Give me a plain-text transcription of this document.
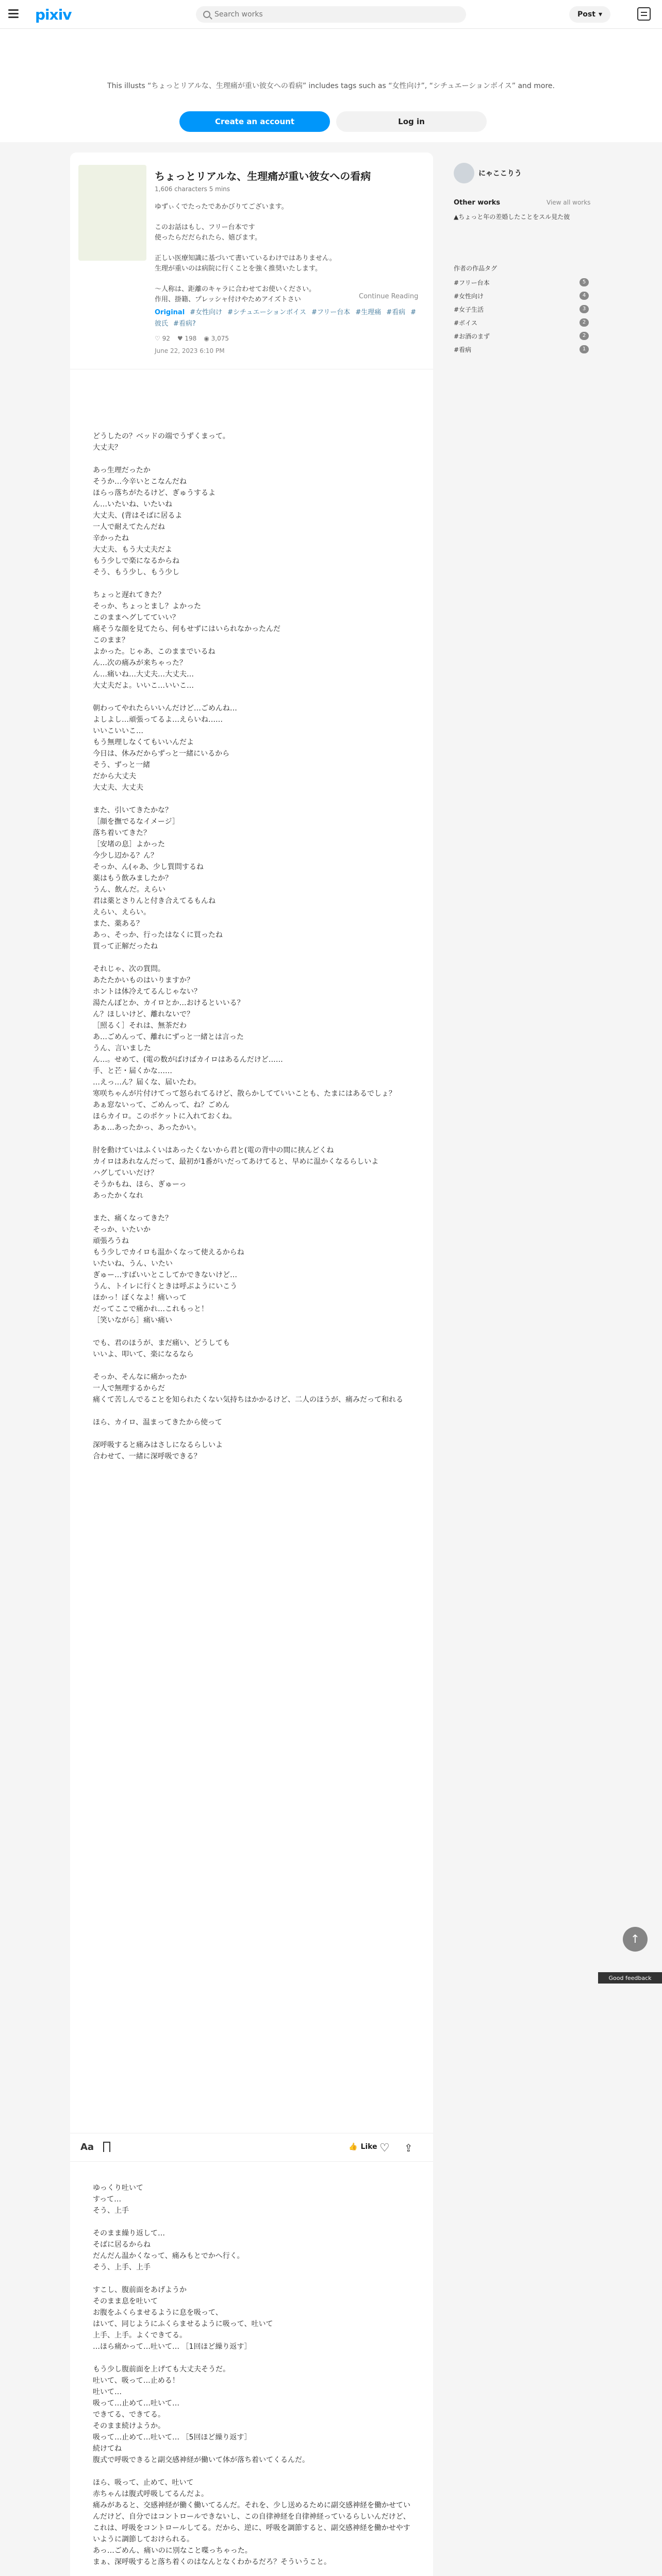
pixiv
Search works	Post ▾

This illusts “ちょっとリアルな、生理痛が重い彼女への看病” includes tags such as “女性向け”, “シチュエーションボイス” and more.

Create an account	Log in
ちょっとリアルな、生理痛が重い彼女への看病
1,606 characters 5 mins
ゆずぃくでたったであかびりてございます。
このお話はもし、フリー台本です
使ったらだだられたら、嬉びます。
正しい医療知識に基づいて書いているわけではありません。
生理が重いのは病院に行くことを強く推奨いたします。
〜人称は、距離のキャラに合わせてお使いください。
作用、掛籍、プレッシャ付けやためアイズトさい	Continue Reading
Original #女性向け #シチュエーションボイス #フリー台本 #生理痛 #看病 #彼氏 #看病?
♡ 92 ♥ 198 ◉ 3,075
June 22, 2023 6:10 PM
どうしたの？ベッドの端でうずくまって。
大丈夫？
あっ生理だったか
そうか…今辛いとこなんだね
ほらっ落ちがたるけど、ぎゅうするよ
ん…いたいね、いたいね
大丈夫、(背はそばに居るよ
一人で耐えてたんだね
辛かったね
大丈夫、もう大丈夫だよ
もう少しで楽になるからね
そう、もう少し、もう少し
ちょっと遅れてきた？
そっか、ちょっとまし？よかった
このままへグしてていい？
痛そうな顔を見てたら、何もせずにはいられなかったんだ
このまま？
よかった。じゃあ、このままでいるね
ん…次の痛みが来ちゃった？
ん…痛いね…大丈夫…大丈夫…
大丈夫だよ。いいこ…いいこ…
朝わってやれたらいいんだけど…ごめんね…
よしよし…頑張ってるよ…えらいね……
いいこいいこ…
もう無理しなくてもいいんだよ
今日は、休みだからずっと一緒にいるから
そう、ずっと一緒
だから大丈夫
大丈夫、大丈夫
また、引いてきたかな？
［顔を撫でるなイメージ］
落ち着いてきた？
［安堵の息］よかった
今少し辺かる？ん？
そっか、ん(ゃあ、少し質問するね
薬はもう飲みましたか？
うん、飲んだ。えらい
君は薬とさりんと付き合えてるもんね
えらい、えらい。
また、薬ある？
あっ、そっか、行ったはなくに買ったね
買って正解だったね
それじゃ、次の質問。
あたたかいものはいりますか？
ホントは体冷えてるんじゃない？
湯たんぽとか、カイロとか…おけるといいる？
ん？ほしいけど、離れないで？
［照るく］それは、無茶だわ
あ…ごめんって、離れにずっと一緒とは言った
うん、言いました
ん…。せめて、(電の数がばけばカイロはあるんだけど……
手、と芒・届くかな……
…えっ…ん？届くな、届いたわ。
寒咲ちゃんが片付けてって怒られてるけど、散らかしてていいことも、たまにはあるでしょ？
あぁ窓ないって、ごめんって、ね？ごめん
ほらカイロ。このポケットに入れておくね。
あぁ…あったかっ、あったかい。
肘を動けていはふくいはあったくないから君と(電の背中の間に挟んどくね
カイロはあれなんだって、最初が1番がいだってあけてると、早めに温かくなるらしいよ
ハグしていいだけ？
そうかもね、ほら、ぎゅーっ
あったかくなれ
また、痛くなってきた？
そっか、いたいか
頑張ろうね
もう少しでカイロも温かくなって使えるからね
いたいね、うん、いたい
ぎゅー…すばいいとこしてかできないけど…
うん、トイレに行くときは呼ぶようにいこう
ほかっ！ぼくなよ！痛いって
だってここで痛かれ…これもっと！
［笑いながら］痛い痛い
でも、君のほうが、まだ痛い、どうしても
いいよ、叩いて、楽になるなら
そっか、そんなに痛かったか
一人で無理するからだ
痛くて苦しんでることを知られたくない気持ちはかかるけど、二人のほうが、痛みだって和れる
ほら、カイロ、温まってきたから使って
深呼吸すると痛みはさしになるらしいよ
合わせて、一緒に深呼吸できる？
Aa	👍 Like ♡ ⇪
ゆっくり吐いて
すって…
そう、上手
そのまま繰り返して…
そばに居るからね
だんだん温かくなって、痛みもとでかへ行く。
そう、上手、上手
すこし、腹前面をあげようか
そのまま息を吐いて
お腹をふくらませるように息を吸って、
はいて、同じようにふくらませるように吸って、吐いて
上手、上手。よくできてる。
…ほら痛かって…吐いて… ［1回ほど繰り返す］
もう少し腹前面を上げても大丈夫そうだ。
吐いて、吸って…止める！
吐いて…
吸って…止めて…吐いて…
できてる、できてる。
そのまま続けようか。
吸って…止めて…吐いて… ［5回ほど繰り返す］
続けてね
腹式で呼吸できると副交感神経が働いて体が落ち着いてくるんだ。
ほら、吸って、止めて、吐いて
赤ちゃんは腹式呼吸してるんだよ。
痛みがあると、交感神経が働く働いてるんだ。それを、少し送めるために副交感神経を働かせていんだけど、自分ではコントロールできないし、この自律神経を自律神経っているらしいんだけど、これは、呼吸をコントロールしてる。だから、逆に、呼吸を調節すると、副交感神経を働かせやすいように調節しておけられる。
あっ…ごめん、痛いのに別なこと喋っちゃった。
まぁ、深呼吸すると落ち着くのはなんとなくわかるだろ？そういうこと。
にゃここりう
Other works	View all works
▲ちょっと年の差婚したことをスル見た彼
作者の作品タグ
#フリー台本	5
#女性向け	4
#女子生活	3
#ボイス	2
#お酒のまず	2
#看病	1
↑
Good feedback
